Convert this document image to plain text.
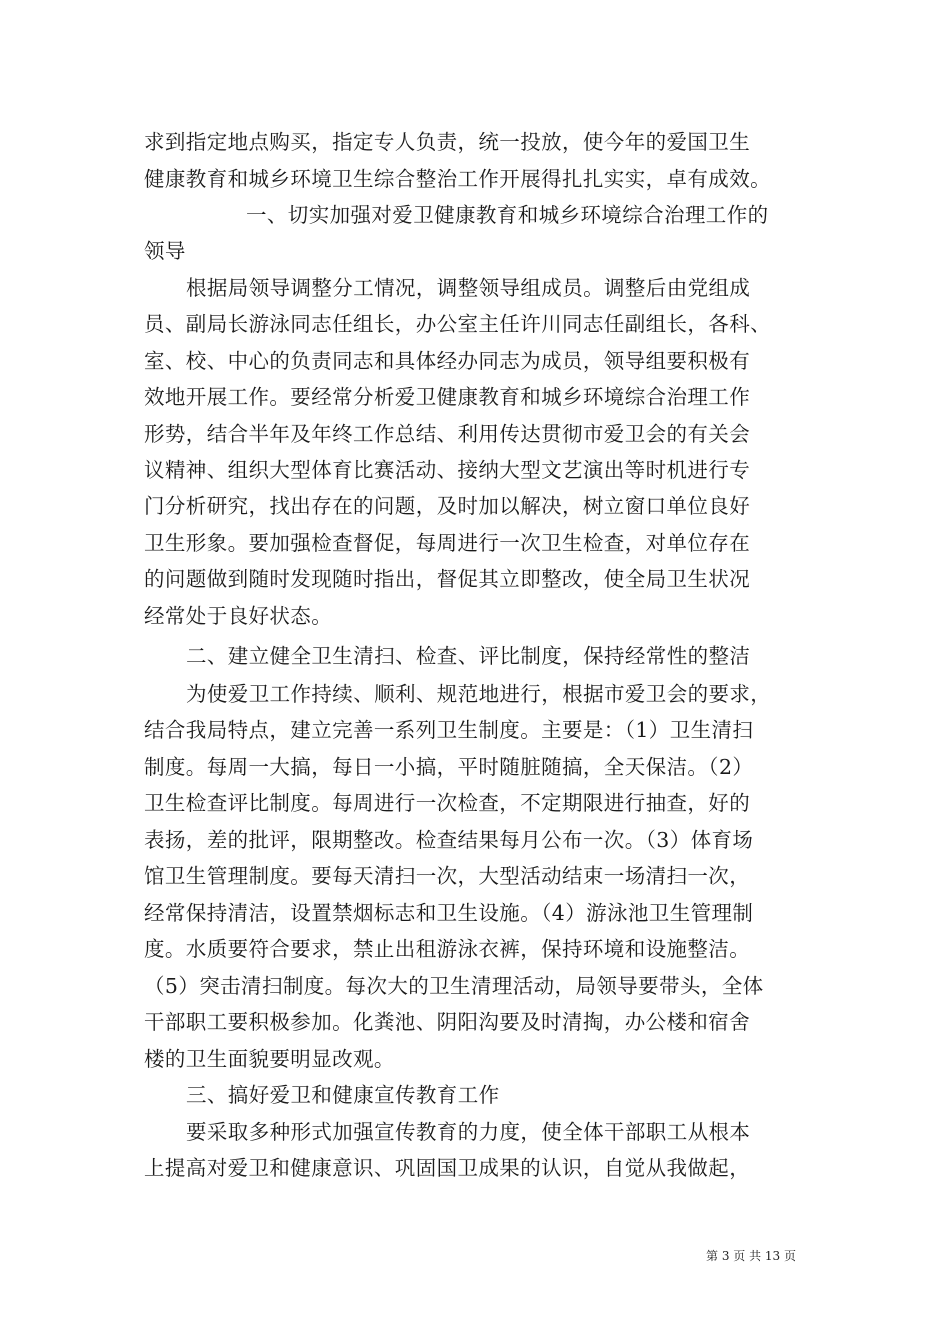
求到指定地点购买，指定专人负责，统一投放，使今年的爱国卫生
健康教育和城乡环境卫生综合整治工作开展得扎扎实实，卓有成效。
一、切实加强对爱卫健康教育和城乡环境综合治理工作的
领导
根据局领导调整分工情况，调整领导组成员。调整后由党组成
员、副局长游泳同志任组长，办公室主任许川同志任副组长，各科、
室、校、中心的负责同志和具体经办同志为成员，领导组要积极有
效地开展工作。要经常分析爱卫健康教育和城乡环境综合治理工作
形势，结合半年及年终工作总结、利用传达贯彻市爱卫会的有关会
议精神、组织大型体育比赛活动、接纳大型文艺演出等时机进行专
门分析研究，找出存在的问题，及时加以解决，树立窗口单位良好
卫生形象。要加强检查督促，每周进行一次卫生检查，对单位存在
的问题做到随时发现随时指出，督促其立即整改，使全局卫生状况
经常处于良好状态。
二、建立健全卫生清扫、检查、评比制度，保持经常性的整洁
为使爱卫工作持续、顺利、规范地进行，根据市爱卫会的要求，
结合我局特点，建立完善一系列卫生制度。主要是：（1）卫生清扫
制度。每周一大搞，每日一小搞，平时随脏随搞，全天保洁。（2）
卫生检查评比制度。每周进行一次检查，不定期限进行抽查，好的
表扬，差的批评，限期整改。检查结果每月公布一次。（3）体育场
馆卫生管理制度。要每天清扫一次，大型活动结束一场清扫一次，
经常保持清洁，设置禁烟标志和卫生设施。（4）游泳池卫生管理制
度。水质要符合要求，禁止出租游泳衣裤，保持环境和设施整洁。
（5）突击清扫制度。每次大的卫生清理活动，局领导要带头，全体
干部职工要积极参加。化粪池、阴阳沟要及时清掏，办公楼和宿舍
楼的卫生面貌要明显改观。
三、搞好爱卫和健康宣传教育工作
要采取多种形式加强宣传教育的力度，使全体干部职工从根本
上提高对爱卫和健康意识、巩固国卫成果的认识，自觉从我做起，
第 3 页 共 13 页
